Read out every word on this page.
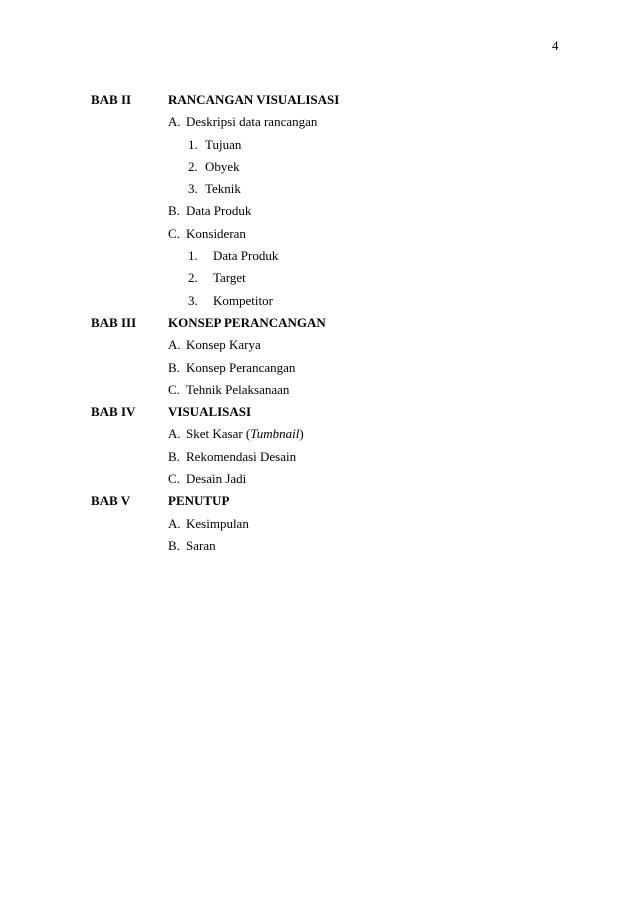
4
BAB II	RANCANGAN VISUALISASI
A. Deskripsi data rancangan
1. Tujuan
2. Obyek
3. Teknik
B. Data Produk
C. Konsideran
1. Data Produk
2. Target
3. Kompetitor
BAB III KONSEP PERANCANGAN
A. Konsep Karya
B. Konsep Perancangan
C. Tehnik Pelaksanaan
BAB IV	VISUALISASI
A. Sket Kasar (Tumbnail)
B. Rekomendasi Desain
C. Desain Jadi
BAB V	PENUTUP
A. Kesimpulan
B. Saran
